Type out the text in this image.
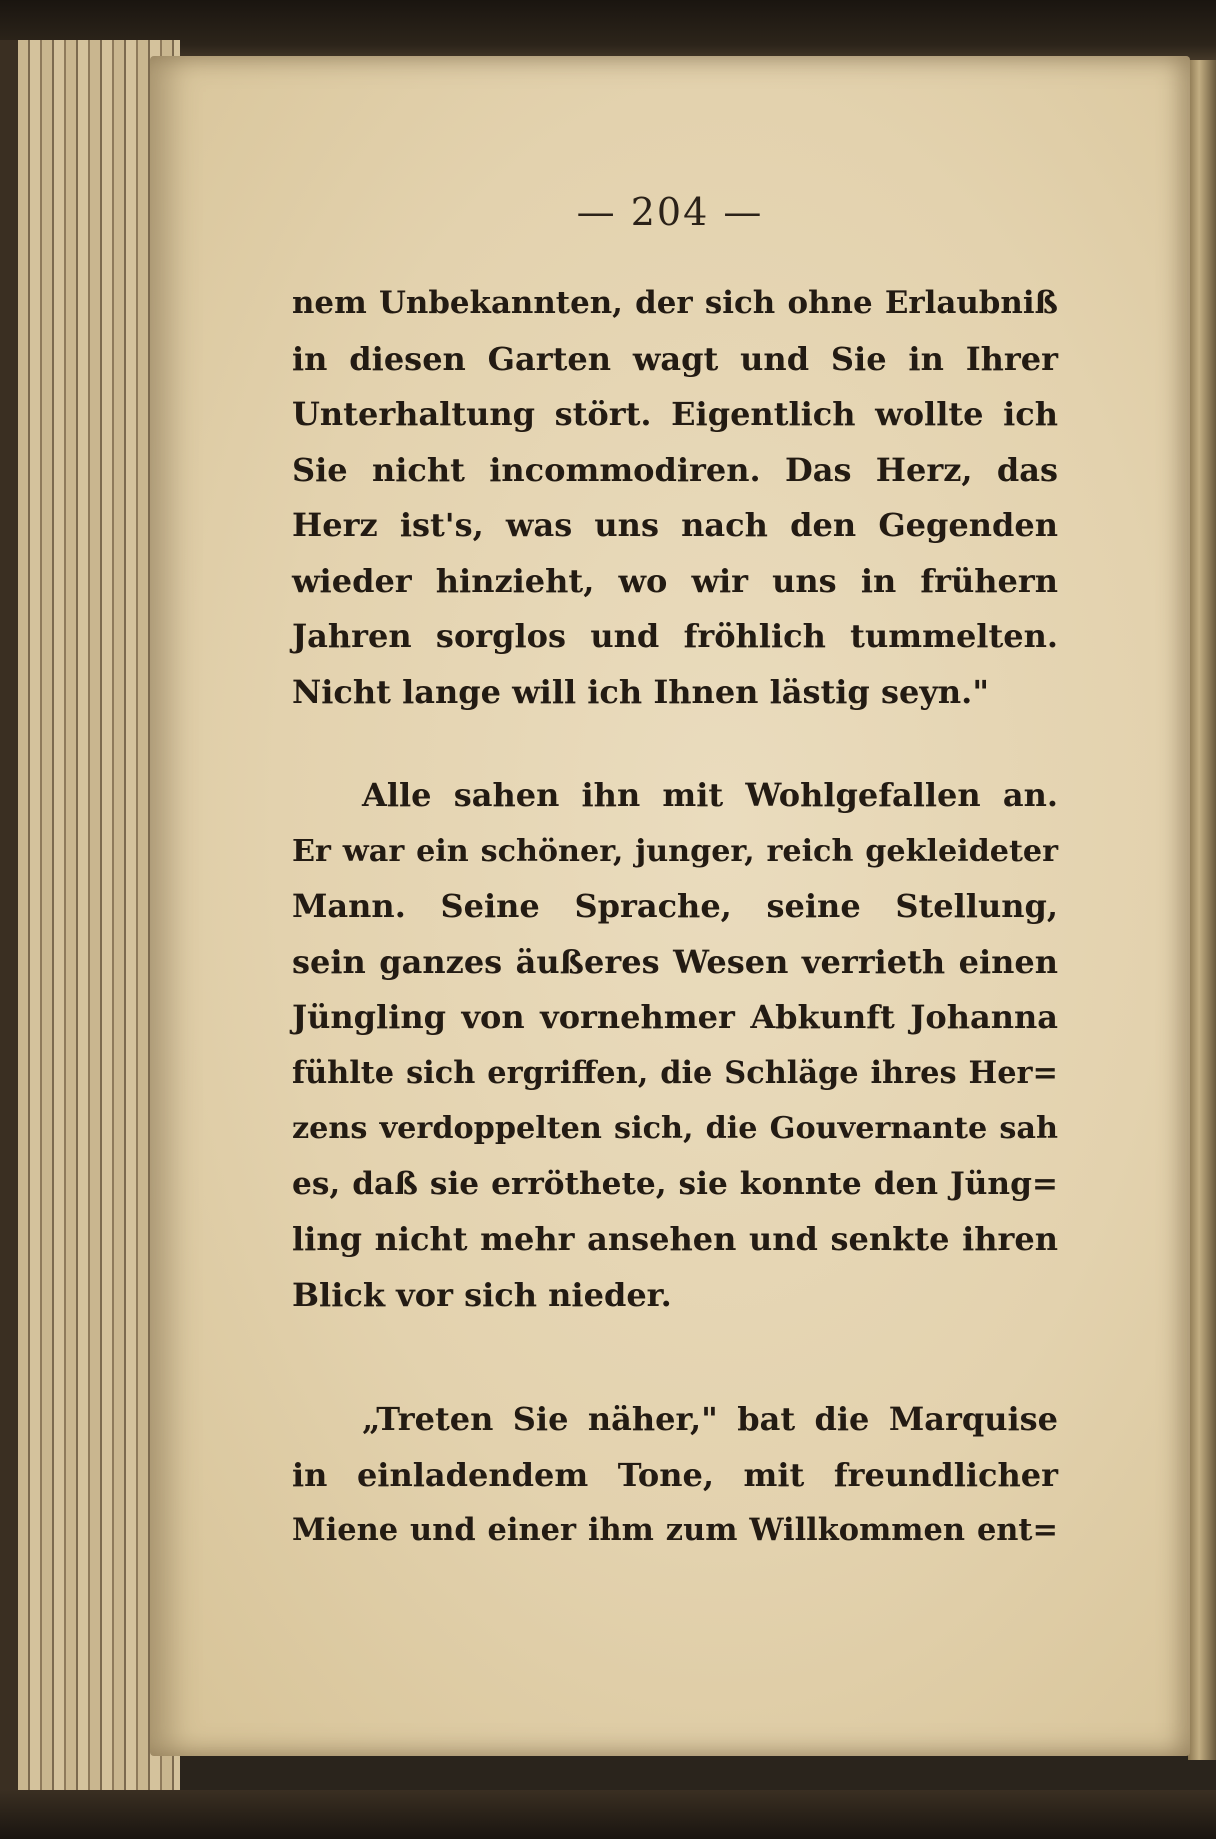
— 204 —
nem Unbekannten, der sich ohne Erlaubniß
in diesen Garten wagt und Sie in Ihrer
Unterhaltung stört. Eigentlich wollte ich
Sie nicht incommodiren. Das Herz, das
Herz ist's, was uns nach den Gegenden
wieder hinzieht, wo wir uns in frühern
Jahren sorglos und fröhlich tummelten.
Nicht lange will ich Ihnen lästig seyn."
Alle sahen ihn mit Wohlgefallen an.
Er war ein schöner, junger, reich gekleideter
Mann. Seine Sprache, seine Stellung,
sein ganzes äußeres Wesen verrieth einen
Jüngling von vornehmer Abkunft Johanna
fühlte sich ergriffen, die Schläge ihres Her=
zens verdoppelten sich, die Gouvernante sah
es, daß sie erröthete, sie konnte den Jüng=
ling nicht mehr ansehen und senkte ihren
Blick vor sich nieder.
„Treten Sie näher," bat die Marquise
in einladendem Tone, mit freundlicher
Miene und einer ihm zum Willkommen ent=
